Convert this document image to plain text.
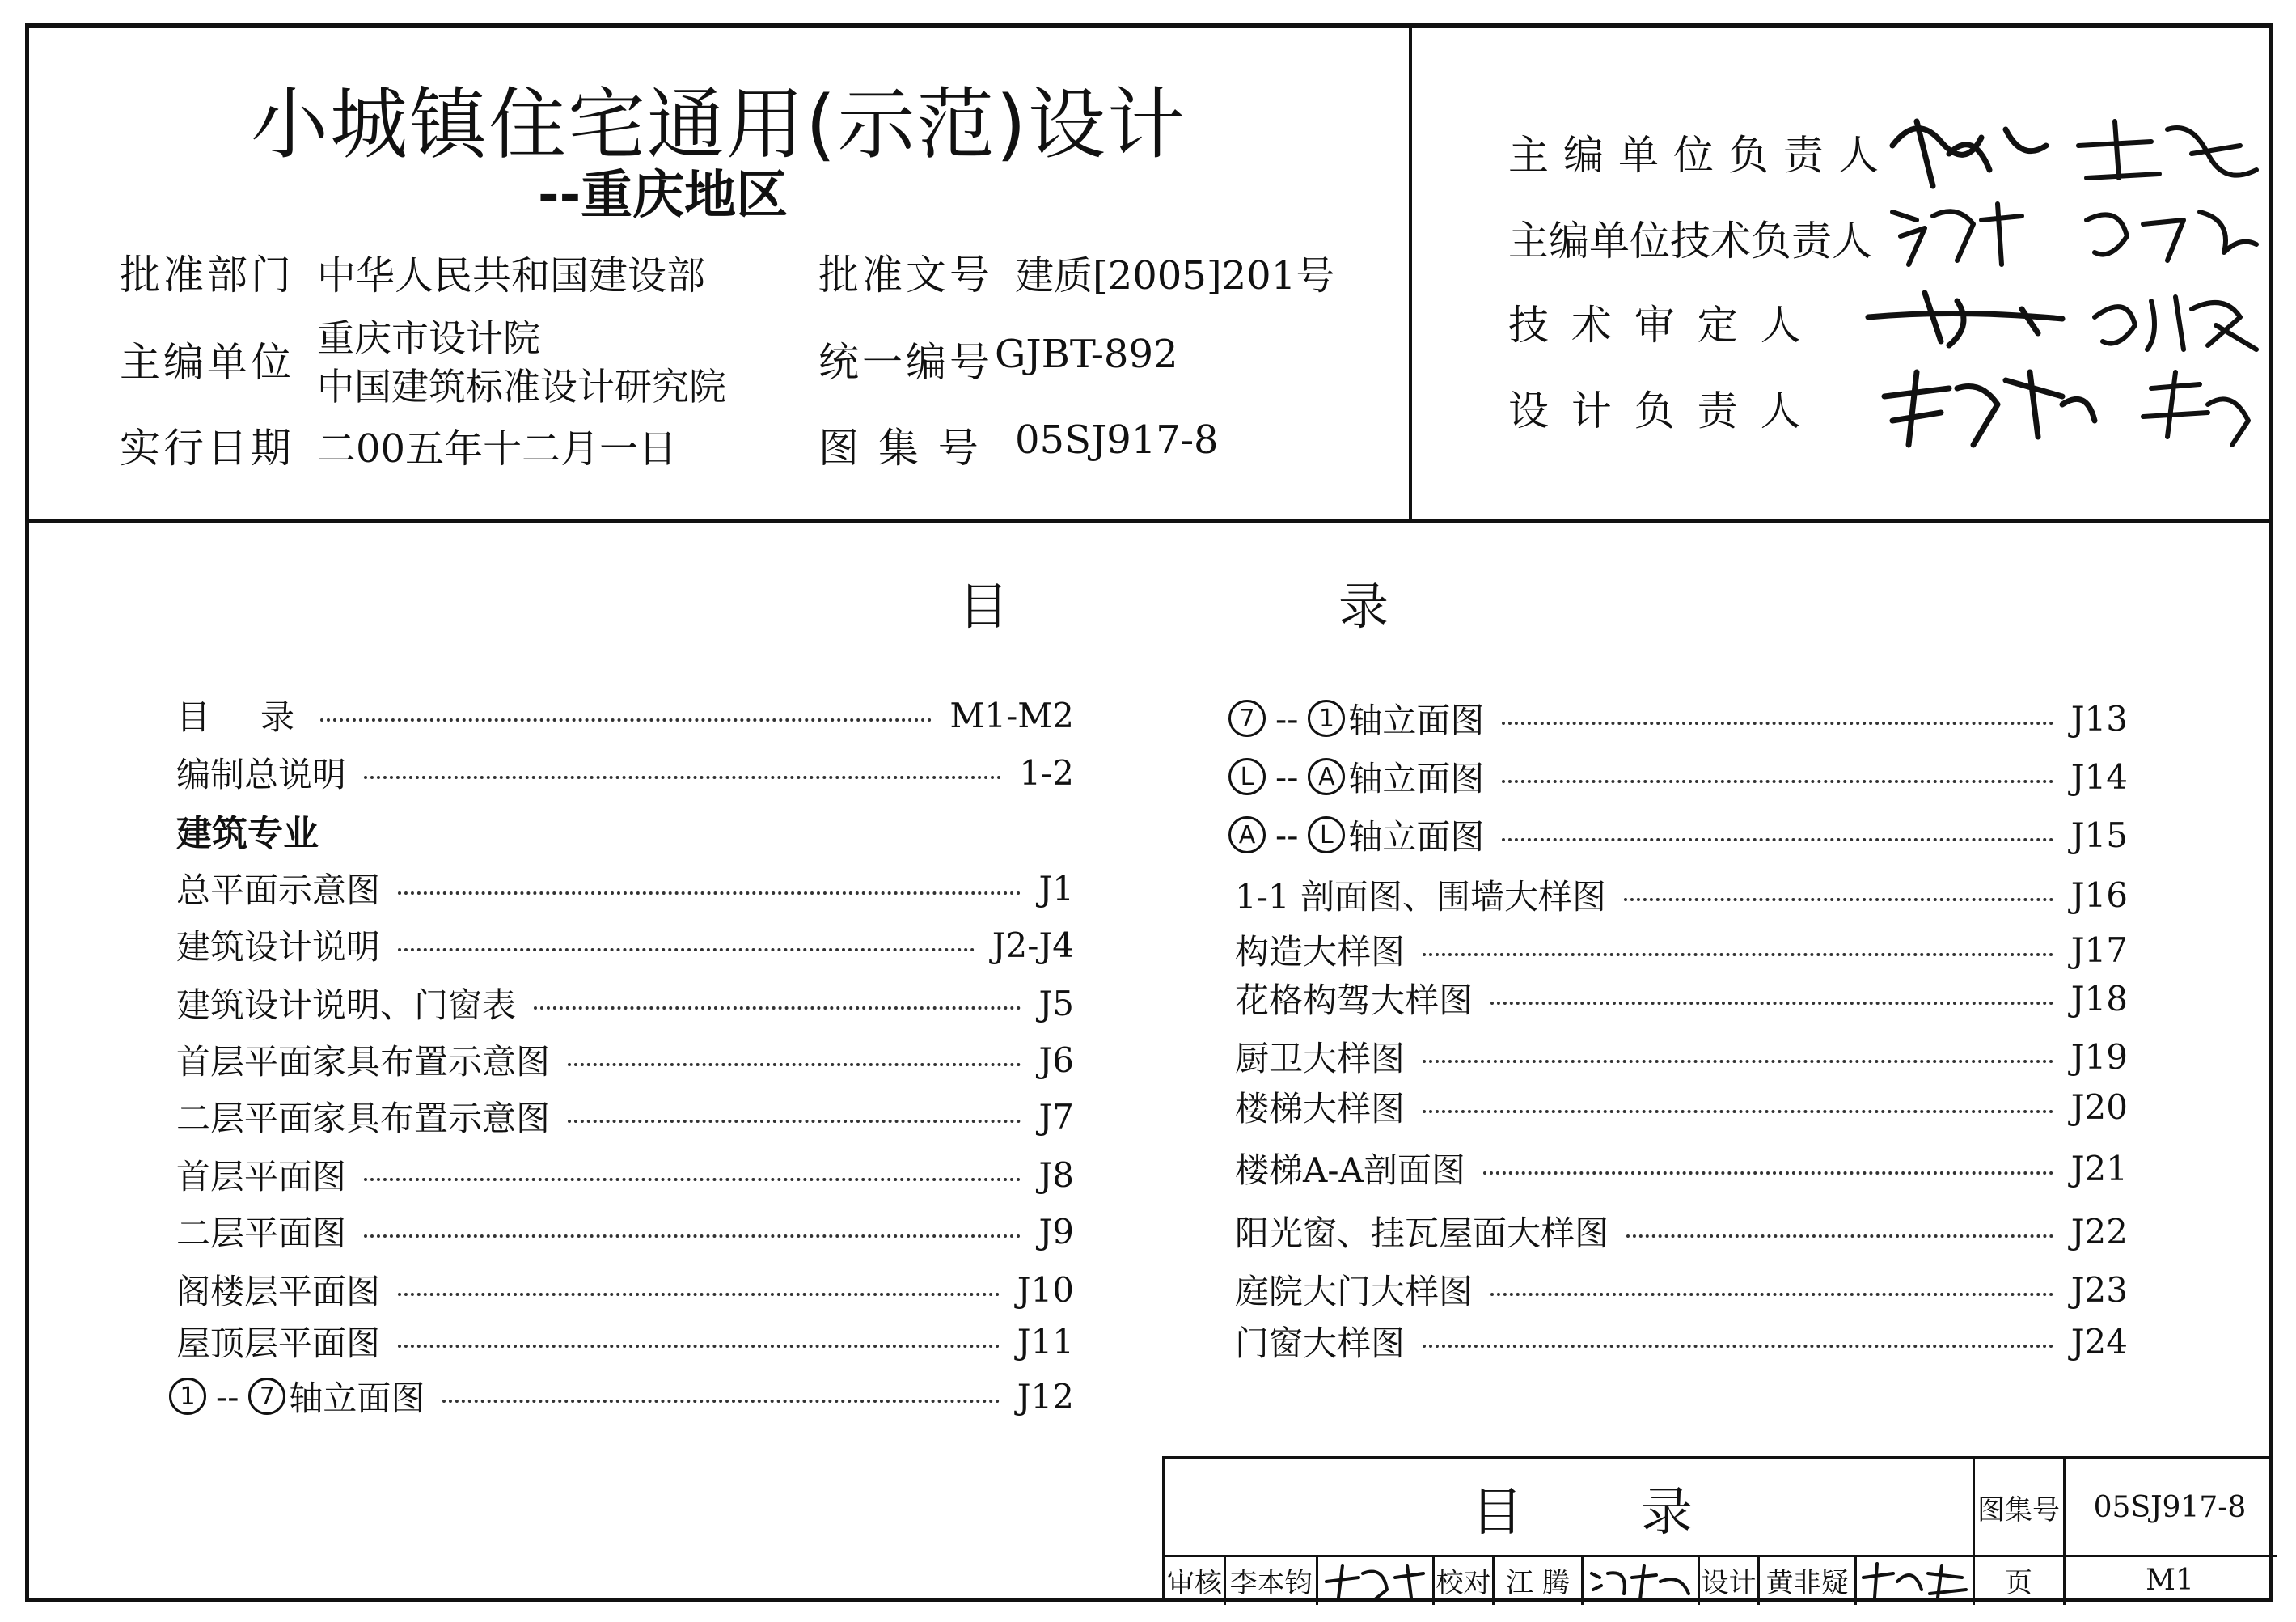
小城镇住宅通用(示范)设计
--重庆地区
批准部门 中华人民共和国建设部	批准文号 建质[2005]201号
主编单位
重庆市设计院
中国建筑标准设计研究院
统一编号 GJBT-892
实行日期 二00五年十二月一日	图 集 号 05SJ917-8
主编单位负责人
主编单位技术负责人
技 术 审 定 人
设 计 负 责 人
目	录
目　录	M1-M2
编制总说明	1-2
建筑专业
总平面示意图	J1
建筑设计说明	J2-J4
建筑设计说明、门窗表	J5
首层平面家具布置示意图	J6
二层平面家具布置示意图	J7
首层平面图	J8
二层平面图	J9
阁楼层平面图	J10
屋顶层平面图	J11
1 -- 7 轴立面图	J12
7 -- 1 轴立面图	J13
L -- A 轴立面图	J14
A -- L 轴立面图	J15
1-1 剖面图、围墙大样图	J16
构造大样图	J17
花格构驾大样图	J18
厨卫大样图	J19
楼梯大样图	J20
楼梯A-A剖面图	J21
阳光窗、挂瓦屋面大样图	J22
庭院大门大样图	J23
门窗大样图	J24
目	录	图集号	05SJ917-8
审核 李本钧	校对 江 腾	设计 黄非疑	页	M1
